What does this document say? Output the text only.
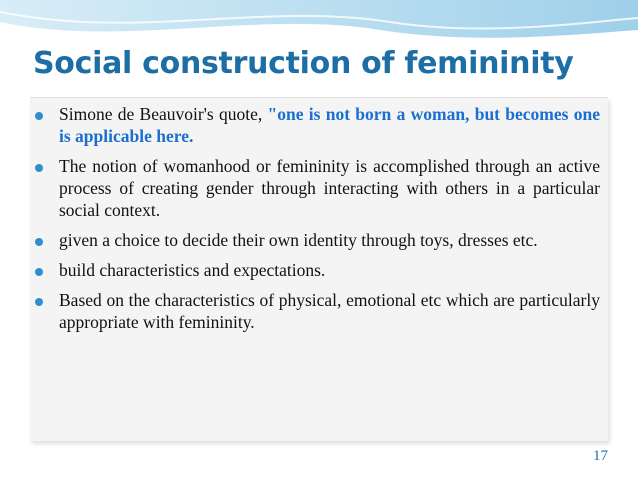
Social construction of femininity
Simone de Beauvoir's quote, "one is not born a woman, but becomes one is applicable here.
The notion of womanhood or femininity is accomplished through an active process of creating gender through interacting with others in a particular social context.
given a choice to decide their own identity through toys, dresses etc.
build characteristics and expectations.
Based on the characteristics of physical, emotional etc which are particularly appropriate with femininity.
17
